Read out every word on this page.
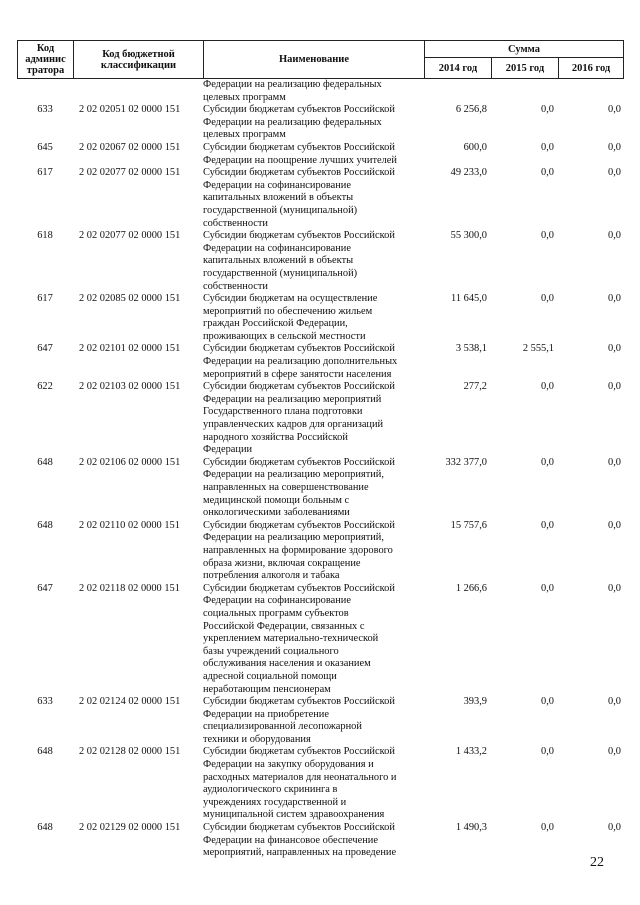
Код админис тратора	Код бюджетной классификации	Наименование	Сумма		
			2014 год	2015 год	2016 год
Федерации на реализацию федеральных
целевых программ
633	2 02 02051 02 0000 151	Субсидии бюджетам субъектов Российской
Федерации на реализацию федеральных
целевых программ
6 256,8	0,0	0,0
645	2 02 02067 02 0000 151	Субсидии бюджетам субъектов Российской
Федерации на поощрение лучших учителей
600,0	0,0	0,0
617	2 02 02077 02 0000 151	Субсидии бюджетам субъектов Российской
Федерации на софинансирование
капитальных вложений в объекты
государственной (муниципальной)
собственности
49 233,0	0,0	0,0
618	2 02 02077 02 0000 151	Субсидии бюджетам субъектов Российской
Федерации на софинансирование
капитальных вложений в объекты
государственной (муниципальной)
собственности
55 300,0	0,0	0,0
617	2 02 02085 02 0000 151	Субсидии бюджетам на осуществление
мероприятий по обеспечению жильем
граждан Российской Федерации,
проживающих в сельской местности
11 645,0	0,0	0,0
647	2 02 02101 02 0000 151	Субсидии бюджетам субъектов Российской
Федерации на реализацию дополнительных
мероприятий в сфере занятости населения
3 538,1	2 555,1	0,0
622	2 02 02103 02 0000 151	Субсидии бюджетам субъектов Российской
Федерации на реализацию мероприятий
Государственного плана подготовки
управленческих кадров для организаций
народного хозяйства Российской
Федерации
277,2	0,0	0,0
648	2 02 02106 02 0000 151	Субсидии бюджетам субъектов Российской
Федерации на реализацию мероприятий,
направленных на совершенствование
медицинской помощи больным с
онкологическими заболеваниями
332 377,0	0,0	0,0
648	2 02 02110 02 0000 151	Субсидии бюджетам субъектов Российской
Федерации на реализацию мероприятий,
направленных на формирование здорового
образа жизни, включая сокращение
потребления алкоголя и табака
15 757,6	0,0	0,0
647	2 02 02118 02 0000 151	Субсидии бюджетам субъектов Российской
Федерации на софинансирование
социальных программ субъектов
Российской Федерации, связанных с
укреплением материально-технической
базы учреждений социального
обслуживания населения и оказанием
адресной социальной помощи
неработающим пенсионерам
1 266,6	0,0	0,0
633	2 02 02124 02 0000 151	Субсидии бюджетам субъектов Российской
Федерации на приобретение
специализированной лесопожарной
техники и оборудования
393,9	0,0	0,0
648	2 02 02128 02 0000 151	Субсидии бюджетам субъектов Российской
Федерации на закупку оборудования и
расходных материалов для неонатального и
аудиологического скрининга в
учреждениях государственной и
муниципальной систем здравоохранения
1 433,2	0,0	0,0
648	2 02 02129 02 0000 151	Субсидии бюджетам субъектов Российской
Федерации на финансовое обеспечение
мероприятий, направленных на проведение
1 490,3	0,0	0,0
22
